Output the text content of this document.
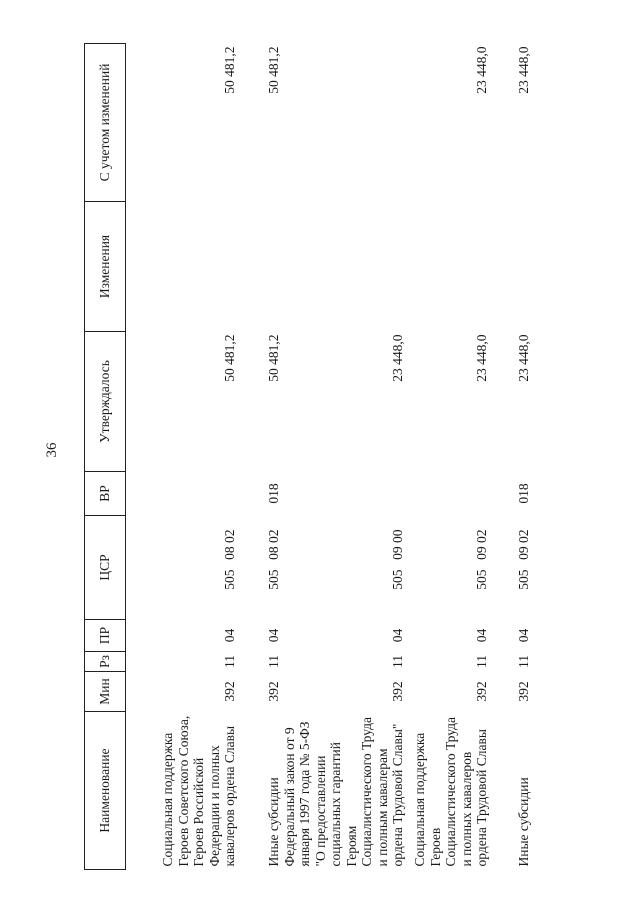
36
Наименование	Мин	Рз	ПР	ЦСР	ВР	Утверждалось	Изменения	С учетом изменений

Социальная поддержка Героев Советского Союза, Героев Российской Федерации и полных кавалеров ордена Славы	392	11	04	50508 02		50 481,2		50 481,2
Иные субсидии	392	11	04	50508 02	018	50 481,2		50 481,2
Федеральный закон от 9 января 1997 года № 5-ФЗ "О предоставлении социальных гарантий Героям Социалистического Труда и полным кавалерам ордена Трудовой Славы"	392	11	04	50509 00		23 448,0		
Социальная поддержка Героев Социалистического Труда и полных кавалеров ордена Трудовой Славы	392	11	04	50509 02		23 448,0		23 448,0
Иные субсидии	392	11	04	50509 02	018	23 448,0		23 448,0
